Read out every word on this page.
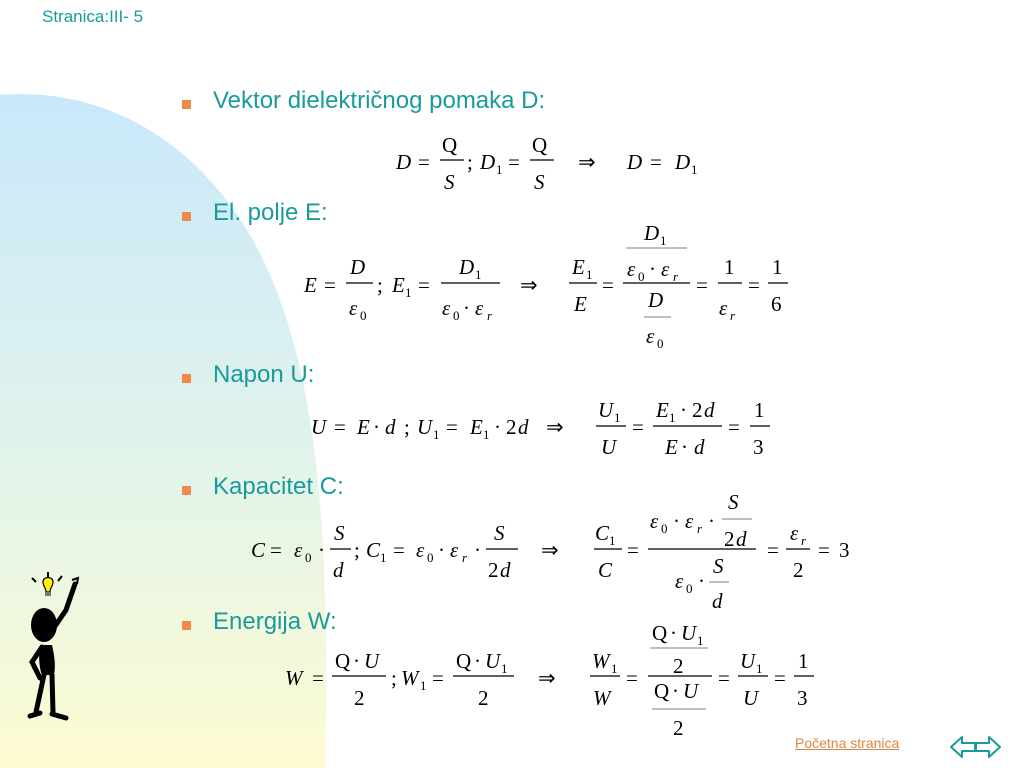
Stranica:III- 5
Vektor dielektričnog pomaka D:
El. polje E:
Napon U:
Kapacitet C:
Energija W:
D =
Q
S
; D 1 =
Q
S
⇒ D = D 1
E =
D
ε 0
; E 1 =
D 1
ε 0 · ε r
⇒
E 1
E
=
D 1
ε 0 · ε r
D
ε 0
=
1
ε r
=
1
6
U = E · d ; U 1 = E 1 · 2 d ⇒
U 1
U
=
E 1 · 2 d
E · d
=
1
3
C = ε 0 ·
S
d
; C 1 = ε 0 · ε r ·
S
2 d
⇒
C 1
C
=
ε 0 · ε r ·
S
2 d
ε 0 ·
S
d
=
ε r
2
= 3
W =
Q · U
2
; W 1 =
Q · U 1
2
⇒
W 1
W
=
Q · U 1
2
Q · U
2
=
U 1
U
=
1
3
Početna stranica
